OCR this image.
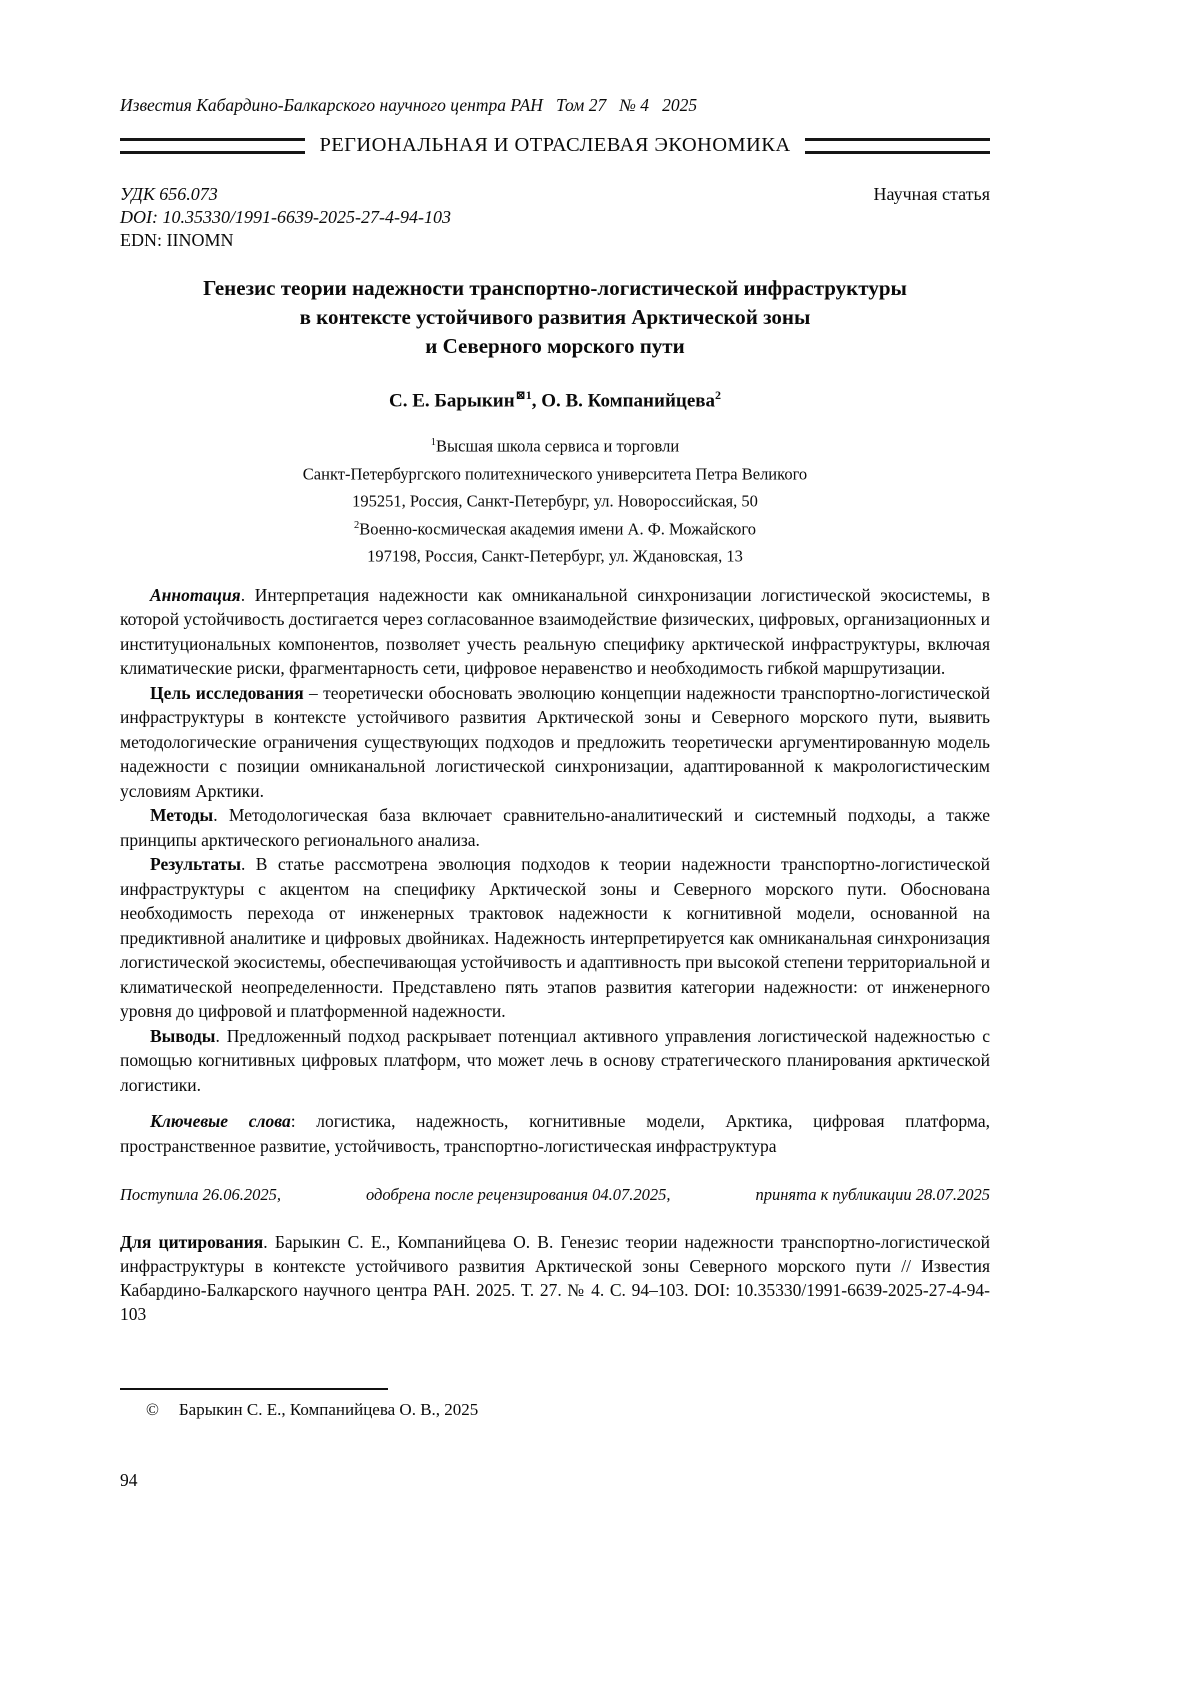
Известия Кабардино-Балкарского научного центра РАН  Том 27  № 4  2025
РЕГИОНАЛЬНАЯ И ОТРАСЛЕВАЯ ЭКОНОМИКА
УДК 656.073	Научная статья
DOI: 10.35330/1991-6639-2025-27-4-94-103
EDN: IINOMN
Генезис теории надежности транспортно-логистической инфраструктуры
в контексте устойчивого развития Арктической зоны
и Северного морского пути
С. Е. Барыкин$^{⊠1}$, О. В. Компанийцева$^2$
$^1$Высшая школа сервиса и торговли
Санкт-Петербургского политехнического университета Петра Великого
195251, Россия, Санкт-Петербург, ул. Новороссийская, 50
$^2$Военно-космическая академия имени А. Ф. Можайского
197198, Россия, Санкт-Петербург, ул. Ждановская, 13

Аннотация. Интерпретация надежности как омниканальной синхронизации логистической экосистемы, в которой устойчивость достигается через согласованное взаимодействие физических, цифровых, организационных и институциональных компонентов, позволяет учесть реальную специфику арктической инфраструктуры, включая климатические риски, фрагментарность сети, цифровое неравенство и необходимость гибкой маршрутизации.

Цель исследования – теоретически обосновать эволюцию концепции надежности транспортно-логистической инфраструктуры в контексте устойчивого развития Арктической зоны и Северного морского пути, выявить методологические ограничения существующих подходов и предложить теоретически аргументированную модель надежности с позиции омниканальной логистической синхронизации, адаптированной к макрологистическим условиям Арктики.

Методы. Методологическая база включает сравнительно-аналитический и системный подходы, а также принципы арктического регионального анализа.

Результаты. В статье рассмотрена эволюция подходов к теории надежности транспортно-логистической инфраструктуры с акцентом на специфику Арктической зоны и Северного морского пути. Обоснована необходимость перехода от инженерных трактовок надежности к когнитивной модели, основанной на предиктивной аналитике и цифровых двойниках. Надежность интерпретируется как омниканальная синхронизация логистической экосистемы, обеспечивающая устойчивость и адаптивность при высокой степени территориальной и климатической неопределенности. Представлено пять этапов развития категории надежности: от инженерного уровня до цифровой и платформенной надежности.

Выводы. Предложенный подход раскрывает потенциал активного управления логистической надежностью с помощью когнитивных цифровых платформ, что может лечь в основу стратегического планирования арктической логистики.

Ключевые слова: логистика, надежность, когнитивные модели, Арктика, цифровая платформа, пространственное развитие, устойчивость, транспортно-логистическая инфраструктура

Поступила 26.06.2025,	одобрена после рецензирования 04.07.2025,	принята к публикации 28.07.2025

Для цитирования. Барыкин С. Е., Компанийцева О. В. Генезис теории надежности транспортно-логистической инфраструктуры в контексте устойчивого развития Арктической зоны Северного морского пути // Известия Кабардино-Балкарского научного центра РАН. 2025. Т. 27. № 4. С. 94–103. DOI: 10.35330/1991-6639-2025-27-4-94-103

© Барыкин С. Е., Компанийцева О. В., 2025
94
